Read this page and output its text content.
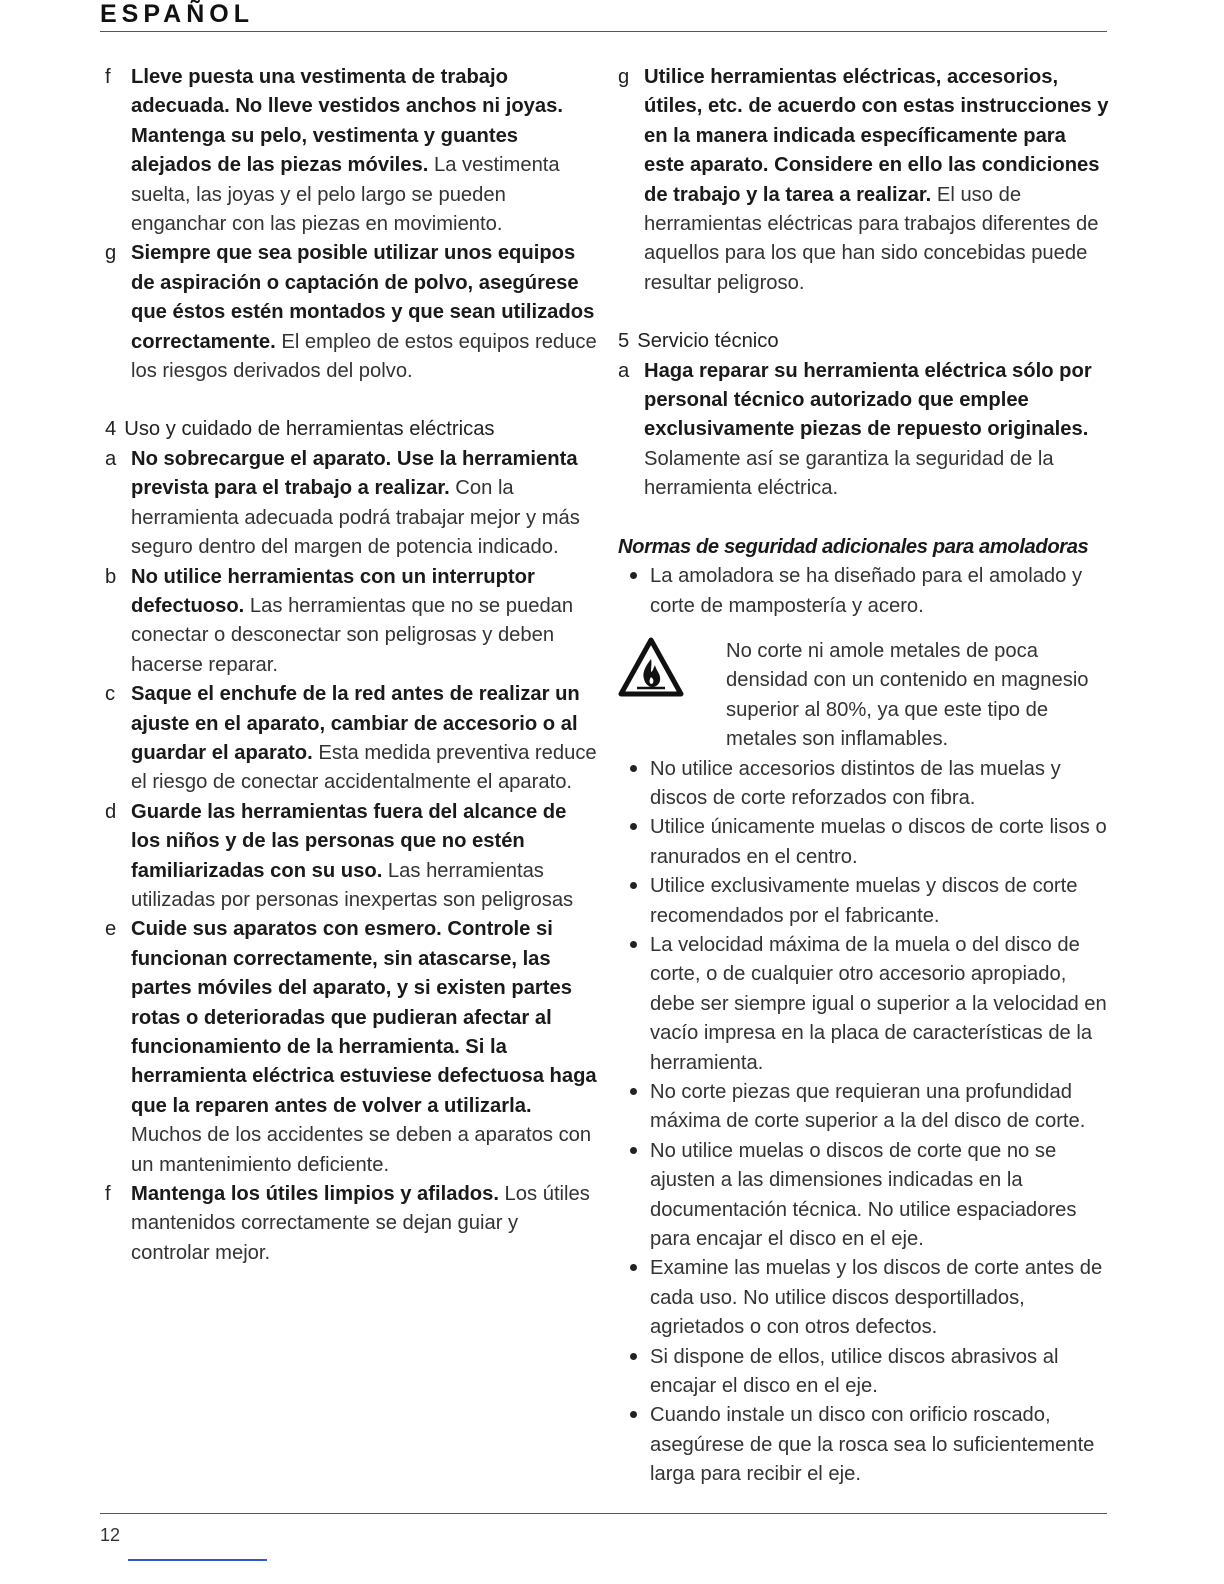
ESPAÑOL
f Lleve puesta una vestimenta de trabajo adecuada. No lleve vestidos anchos ni joyas. Mantenga su pelo, vestimenta y guantes alejados de las piezas móviles. La vestimenta suelta, las joyas y el pelo largo se pueden enganchar con las piezas en movimiento.
g Siempre que sea posible utilizar unos equipos de aspiración o captación de polvo, asegúrese que éstos estén montados y que sean utilizados correctamente. El empleo de estos equipos reduce los riesgos derivados del polvo.
4 Uso y cuidado de herramientas eléctricas
a No sobrecargue el aparato. Use la herramienta prevista para el trabajo a realizar. Con la herramienta adecuada podrá trabajar mejor y más seguro dentro del margen de potencia indicado.
b No utilice herramientas con un interruptor defectuoso. Las herramientas que no se puedan conectar o desconectar son peligrosas y deben hacerse reparar.
c Saque el enchufe de la red antes de realizar un ajuste en el aparato, cambiar de accesorio o al guardar el aparato. Esta medida preventiva reduce el riesgo de conectar accidentalmente el aparato.
d Guarde las herramientas fuera del alcance de los niños y de las personas que no estén familiarizadas con su uso. Las herramientas utilizadas por personas inexpertas son peligrosas
e Cuide sus aparatos con esmero. Controle si funcionan correctamente, sin atascarse, las partes móviles del aparato, y si existen partes rotas o deterioradas que pudieran afectar al funcionamiento de la herramienta. Si la herramienta eléctrica estuviese defectuosa haga que la reparen antes de volver a utilizarla. Muchos de los accidentes se deben a aparatos con un mantenimiento deficiente.
f Mantenga los útiles limpios y afilados. Los útiles mantenidos correctamente se dejan guiar y controlar mejor.
g Utilice herramientas eléctricas, accesorios, útiles, etc. de acuerdo con estas instrucciones y en la manera indicada específicamente para este aparato. Considere en ello las condiciones de trabajo y la tarea a realizar. El uso de herramientas eléctricas para trabajos diferentes de aquellos para los que han sido concebidas puede resultar peligroso.
5 Servicio técnico
a Haga reparar su herramienta eléctrica sólo por personal técnico autorizado que emplee exclusivamente piezas de repuesto originales. Solamente así se garantiza la seguridad de la herramienta eléctrica.
Normas de seguridad adicionales para amoladoras
La amoladora se ha diseñado para el amolado y corte de mampostería y acero.
No corte ni amole metales de poca densidad con un contenido en magnesio superior al 80%, ya que este tipo de metales son inflamables.
No utilice accesorios distintos de las muelas y discos de corte reforzados con fibra.
Utilice únicamente muelas o discos de corte lisos o ranurados en el centro.
Utilice exclusivamente muelas y discos de corte recomendados por el fabricante.
La velocidad máxima de la muela o del disco de corte, o de cualquier otro accesorio apropiado, debe ser siempre igual o superior a la velocidad en vacío impresa en la placa de características de la herramienta.
No corte piezas que requieran una profundidad máxima de corte superior a la del disco de corte.
No utilice muelas o discos de corte que no se ajusten a las dimensiones indicadas en la documentación técnica. No utilice espaciadores para encajar el disco en el eje.
Examine las muelas y los discos de corte antes de cada uso. No utilice discos desportillados, agrietados o con otros defectos.
Si dispone de ellos, utilice discos abrasivos al encajar el disco en el eje.
Cuando instale un disco con orificio roscado, asegúrese de que la rosca sea lo suficientemente larga para recibir el eje.
12
